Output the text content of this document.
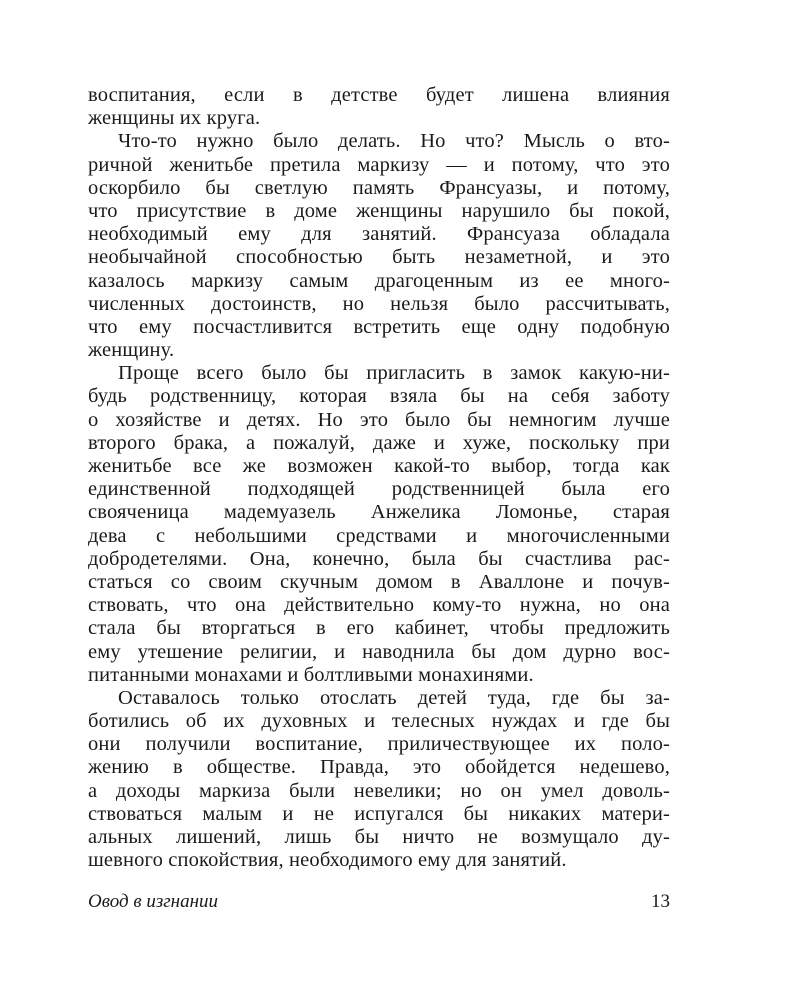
воспитания, если в детстве будет лишена влияния
женщины их круга.
Что-то нужно было делать. Но что? Мысль о вто-
ричной женитьбе претила маркизу — и потому, что это
оскорбило бы светлую память Франсуазы, и потому,
что присутствие в доме женщины нарушило бы покой,
необходимый ему для занятий. Франсуаза обладала
необычайной способностью быть незаметной, и это
казалось маркизу самым драгоценным из ее много-
численных достоинств, но нельзя было рассчитывать,
что ему посчастливится встретить еще одну подобную
женщину.
Проще всего было бы пригласить в замок какую-ни-
будь родственницу, которая взяла бы на себя заботу
о хозяйстве и детях. Но это было бы немногим лучше
второго брака, а пожалуй, даже и хуже, поскольку при
женитьбе все же возможен какой-то выбор, тогда как
единственной подходящей родственницей была его
свояченица мадемуазель Анжелика Ломонье, старая
дева с небольшими средствами и многочисленными
добродетелями. Она, конечно, была бы счастлива рас-
статься со своим скучным домом в Аваллоне и почув-
ствовать, что она действительно кому-то нужна, но она
стала бы вторгаться в его кабинет, чтобы предложить
ему утешение религии, и наводнила бы дом дурно вос-
питанными монахами и болтливыми монахинями.
Оставалось только отослать детей туда, где бы за-
ботились об их духовных и телесных нуждах и где бы
они получили воспитание, приличествующее их поло-
жению в обществе. Правда, это обойдется недешево,
а доходы маркиза были невелики; но он умел доволь-
ствоваться малым и не испугался бы никаких матери-
альных лишений, лишь бы ничто не возмущало ду-
шевного спокойствия, необходимого ему для занятий.
Овод в изгнании	13
